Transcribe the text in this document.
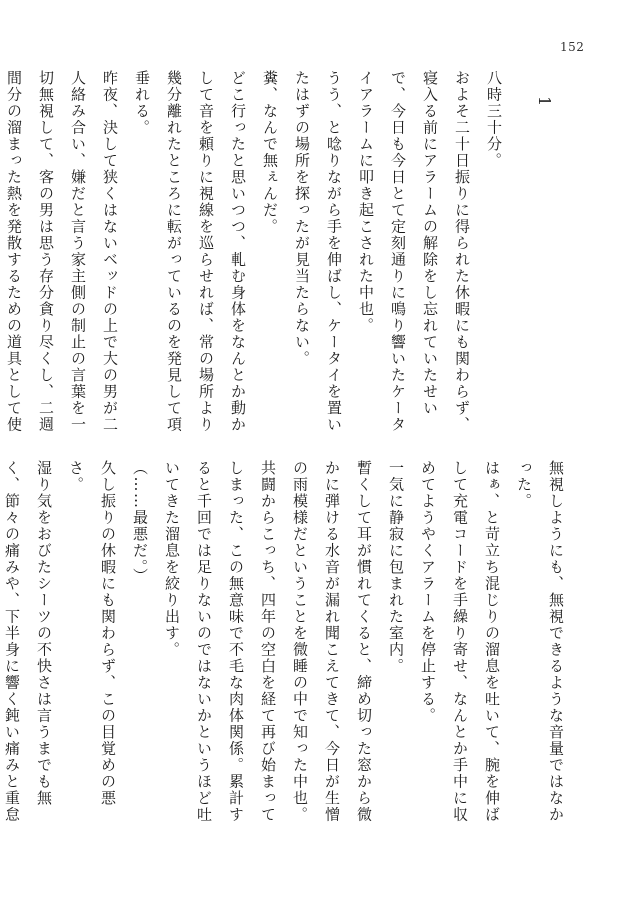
152
1

八時三十分。

およそ二十日振りに得られた休暇にも関わらず、寝入る前にアラームの解除をし忘れていたせいで、今日も今日とて定刻通りに鳴り響いたケータイアラームに叩き起こされた中也。

うう、と唸りながら手を伸ばし、ケータイを置いたはずの場所を探ったが見当たらない。

糞、なんで無ぇんだ。

どこ行ったと思いつつ、軋む身体をなんとか動かして音を頼りに視線を巡らせれば、常の場所より幾分離れたところに転がっているのを発見して項垂れる。

昨夜、決して狭くはないベッドの上で大の男が二人絡み合い、嫌だと言う家主側の制止の言葉を一切無視して、客の男は思う存分貪り尽くし、二週間分の溜まった熱を発散するための道具として使

無視しようにも、無視できるような音量ではなかった。

はぁ、と苛立ち混じりの溜息を吐いて、腕を伸ばして充電コードを手繰り寄せ、なんとか手中に収めてようやくアラームを停止する。

一気に静寂に包まれた室内。

暫くして耳が慣れてくると、締め切った窓から微かに弾ける水音が漏れ聞こえてきて、今日が生憎の雨模様だということを微睡の中で知った中也。

共闘からこっち、四年の空白を経て再び始まってしまった、この無意味で不毛な肉体関係。累計すると千回では足りないのではないかというほど吐いてきた溜息を絞り出す。

（……最悪だ。）

久し振りの休暇にも関わらず、この目覚めの悪さ。

湿り気をおびたシーツの不快さは言うまでも無く、節々の痛みや、下半身に響く鈍い痛みと重怠
